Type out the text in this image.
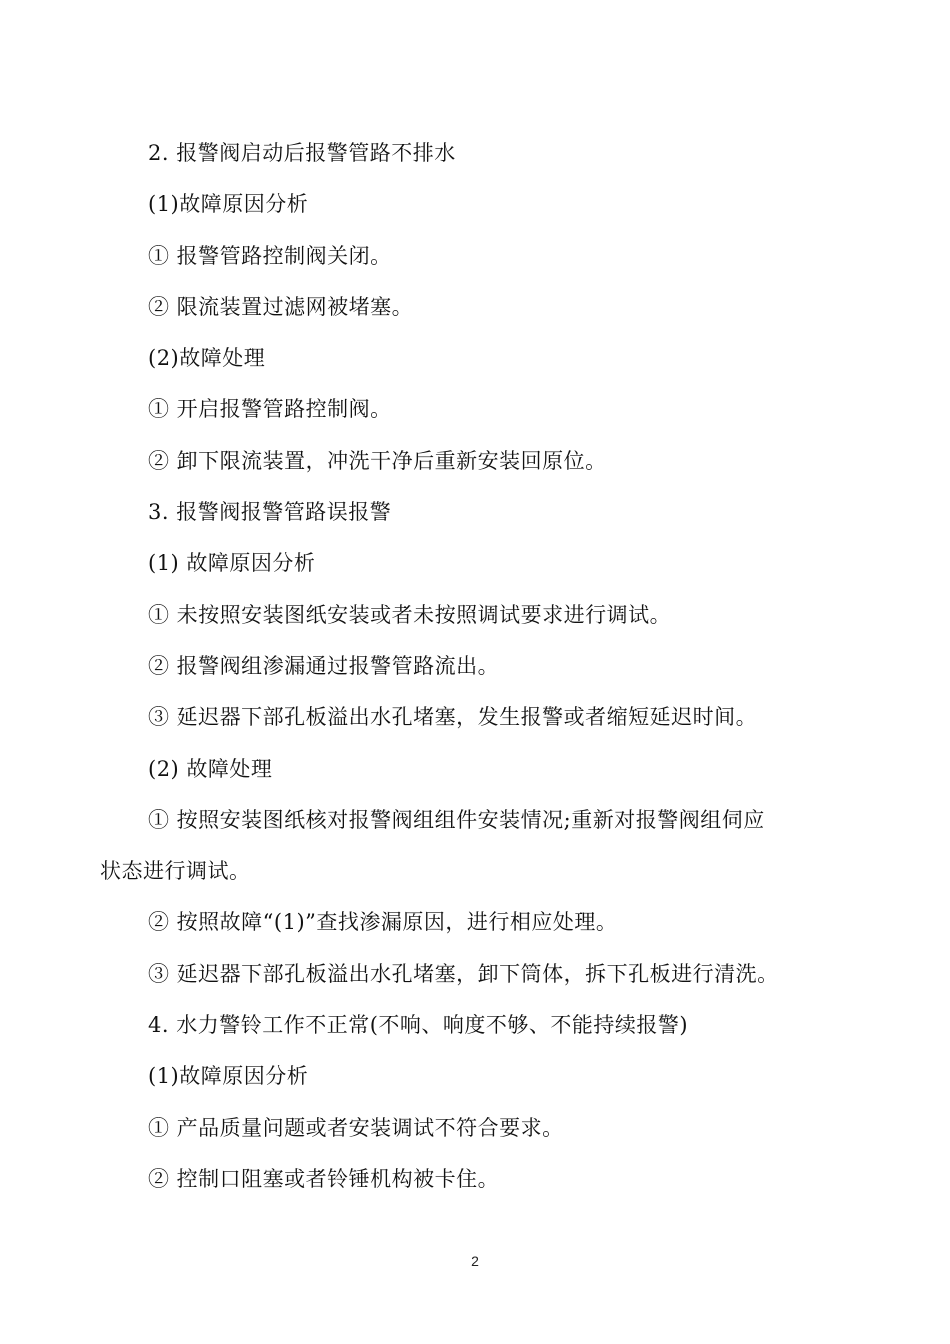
2. 报警阀启动后报警管路不排水
(1)故障原因分析
① 报警管路控制阀关闭。
② 限流装置过滤网被堵塞。
(2)故障处理
① 开启报警管路控制阀。
② 卸下限流装置，冲洗干净后重新安装回原位。
3. 报警阀报警管路误报警
(1) 故障原因分析
① 未按照安装图纸安装或者未按照调试要求进行调试。
② 报警阀组渗漏通过报警管路流出。
③ 延迟器下部孔板溢出水孔堵塞，发生报警或者缩短延迟时间。
(2) 故障处理
① 按照安装图纸核对报警阀组组件安装情况;重新对报警阀组伺应
状态进行调试。
② 按照故障“(1)”查找渗漏原因，进行相应处理。
③ 延迟器下部孔板溢出水孔堵塞，卸下筒体，拆下孔板进行清洗。
4. 水力警铃工作不正常(不响、响度不够、不能持续报警)
(1)故障原因分析
① 产品质量问题或者安装调试不符合要求。
② 控制口阻塞或者铃锤机构被卡住。
2
